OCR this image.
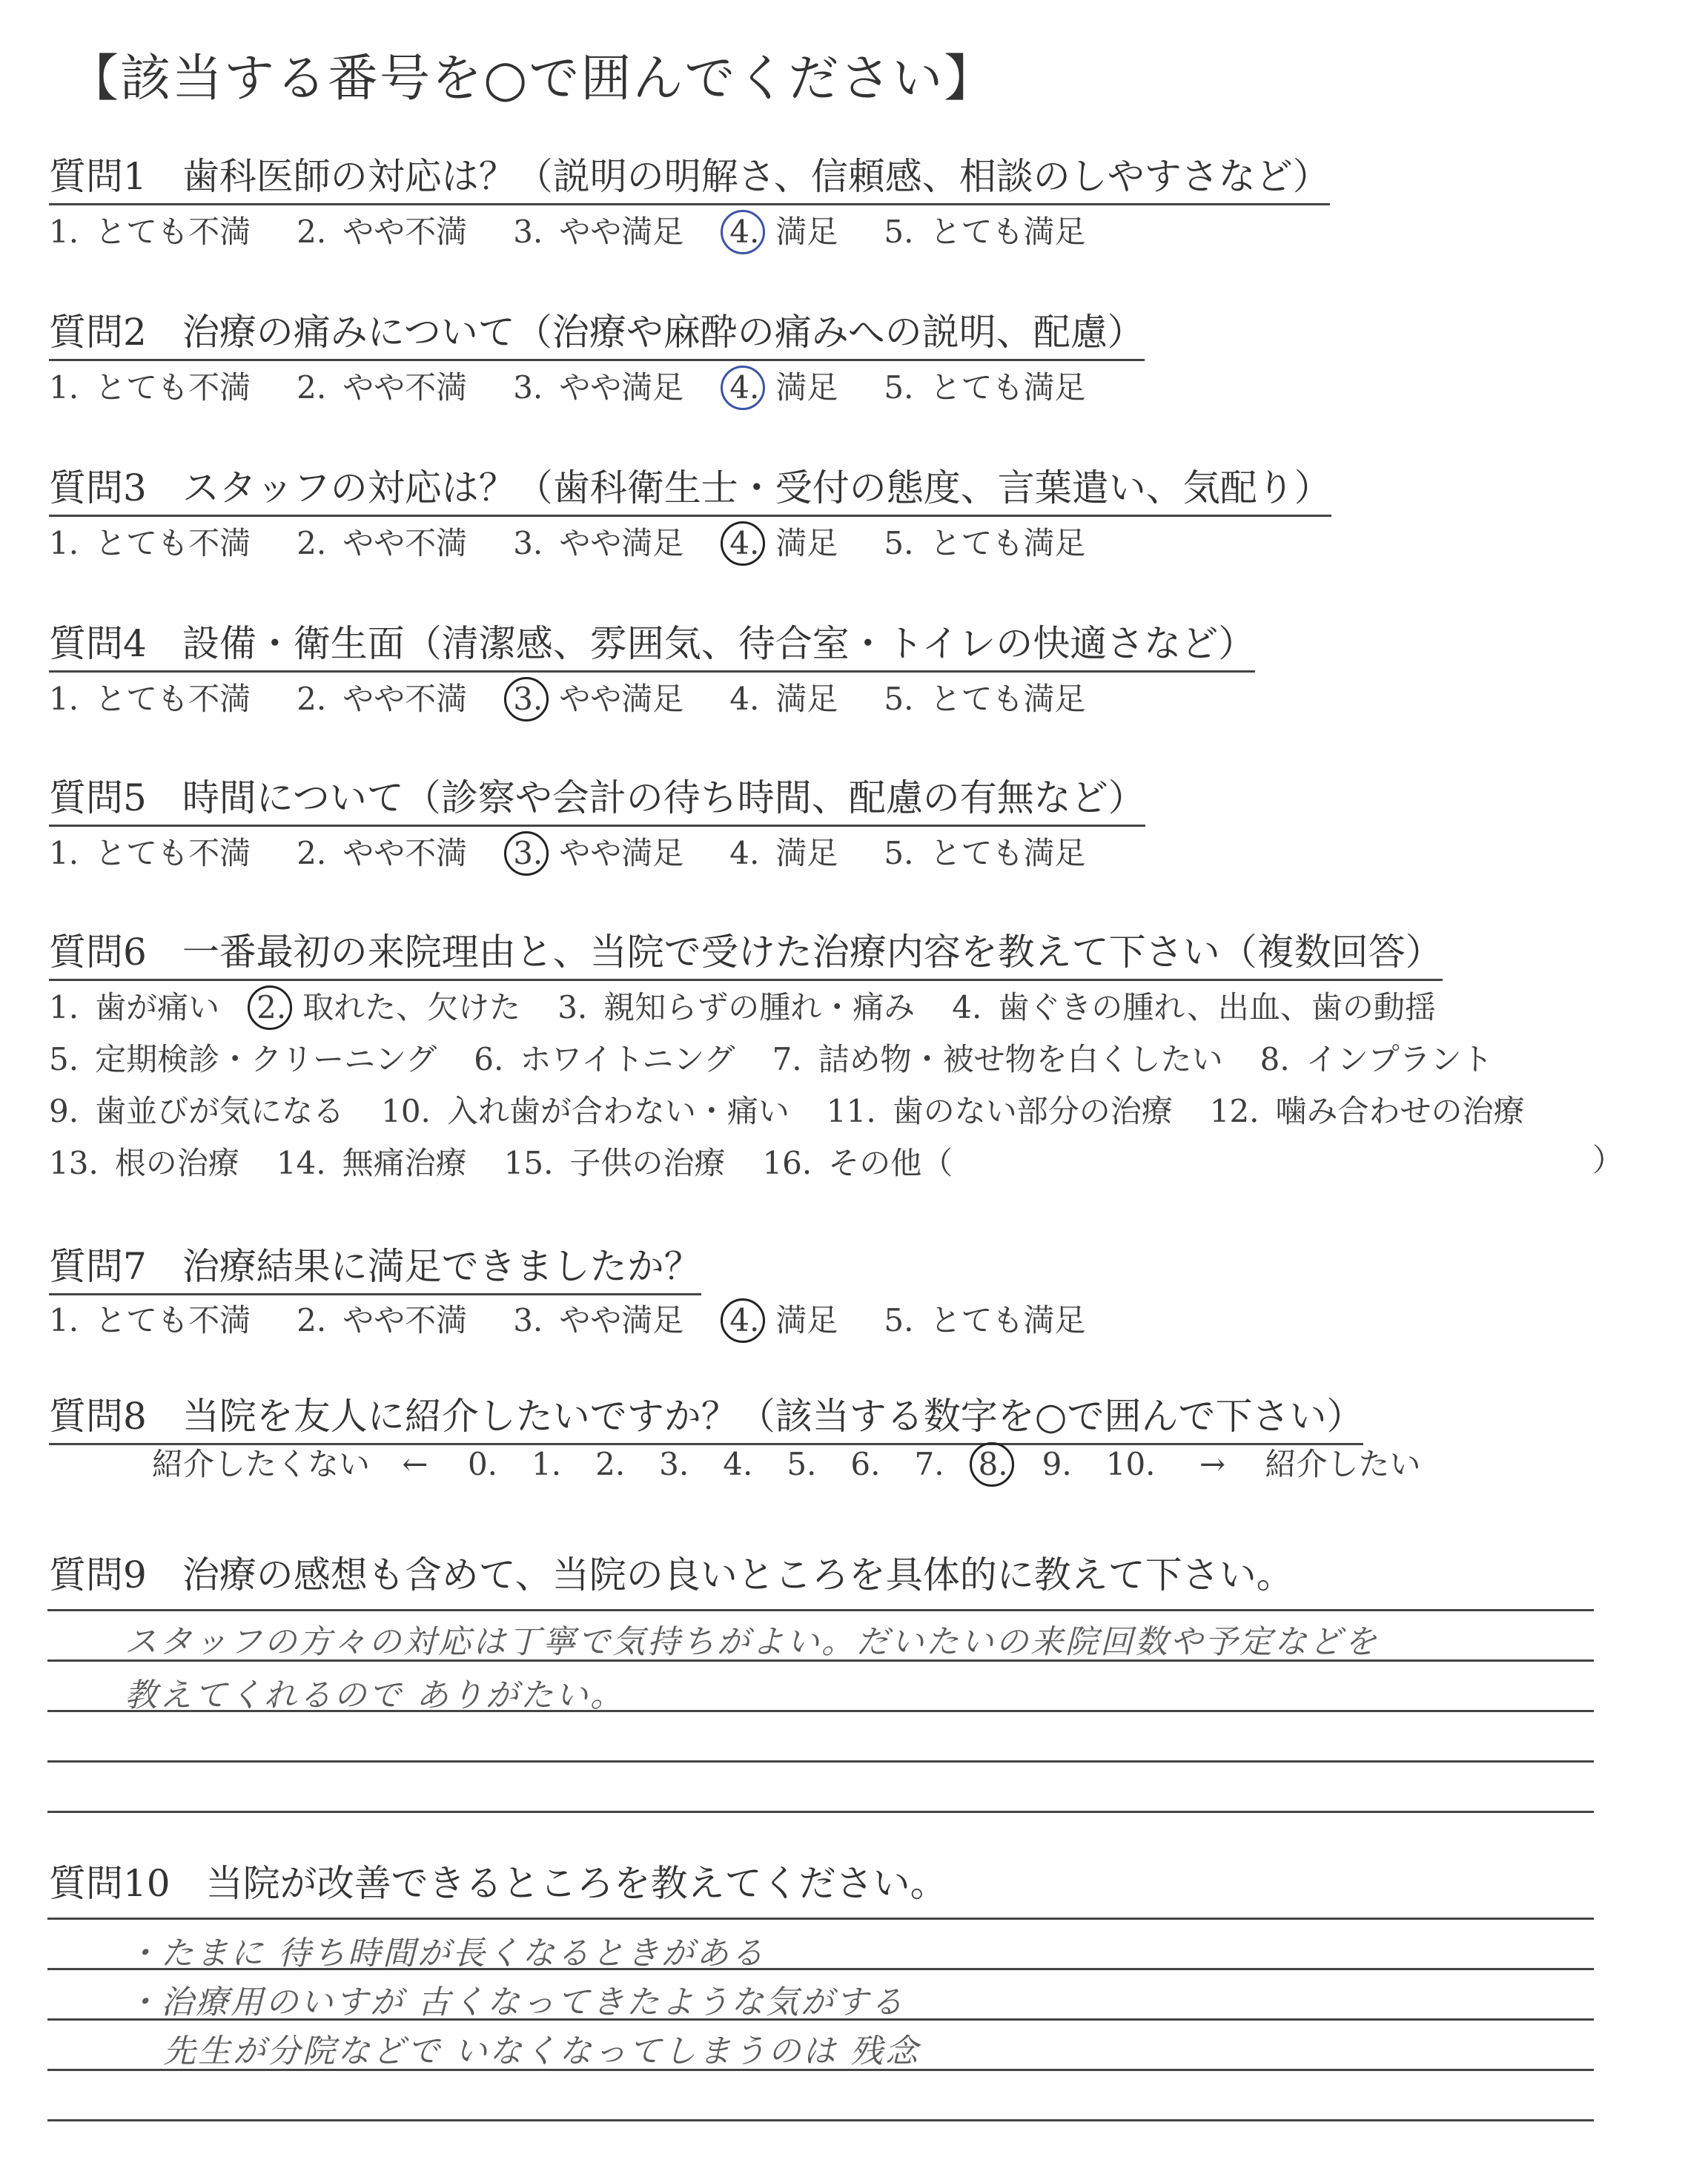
【該当する番号を○で囲んでください】
質問1 歯科医師の対応は？（説明の明解さ、信頼感、相談のしやすさなど）
1. とても不満 2. やや不満 3. やや満足 4. 満足 5. とても満足
質問2 治療の痛みについて（治療や麻酔の痛みへの説明、配慮）
1. とても不満 2. やや不満 3. やや満足 4. 満足 5. とても満足
質問3 スタッフの対応は？（歯科衛生士・受付の態度、言葉遣い、気配り）
1. とても不満 2. やや不満 3. やや満足 4. 満足 5. とても満足
質問4 設備・衛生面（清潔感、雰囲気、待合室・トイレの快適さなど）
1. とても不満 2. やや不満 3. やや満足 4. 満足 5. とても満足
質問5 時間について（診察や会計の待ち時間、配慮の有無など）
1. とても不満 2. やや不満 3. やや満足 4. 満足 5. とても満足
質問6 一番最初の来院理由と、当院で受けた治療内容を教えて下さい（複数回答）
1. 歯が痛い 2. 取れた、欠けた 3. 親知らずの腫れ・痛み 4. 歯ぐきの腫れ、出血、歯の動揺
5. 定期検診・クリーニング 6. ホワイトニング 7. 詰め物・被せ物を白くしたい 8. インプラント
9. 歯並びが気になる 10. 入れ歯が合わない・痛い 11. 歯のない部分の治療 12. 噛み合わせの治療
13. 根の治療 14. 無痛治療 15. 子供の治療 16. その他（	）
質問7 治療結果に満足できましたか？
1. とても不満 2. やや不満 3. やや満足 4. 満足 5. とても満足
質問8 当院を友人に紹介したいですか？（該当する数字を○で囲んで下さい）
紹介したくない ← 0. 1. 2. 3. 4. 5. 6. 7. 8. 9. 10. → 紹介したい
質問9 治療の感想も含めて、当院の良いところを具体的に教えて下さい。
スタッフの方々の対応は丁寧で気持ちがよい。だいたいの来院回数や予定などを
教えてくれるので ありがたい。
質問10 当院が改善できるところを教えてください。
・たまに 待ち時間が長くなるときがある
・治療用のいすが 古くなってきたような気がする
先生が分院などで いなくなってしまうのは 残念
